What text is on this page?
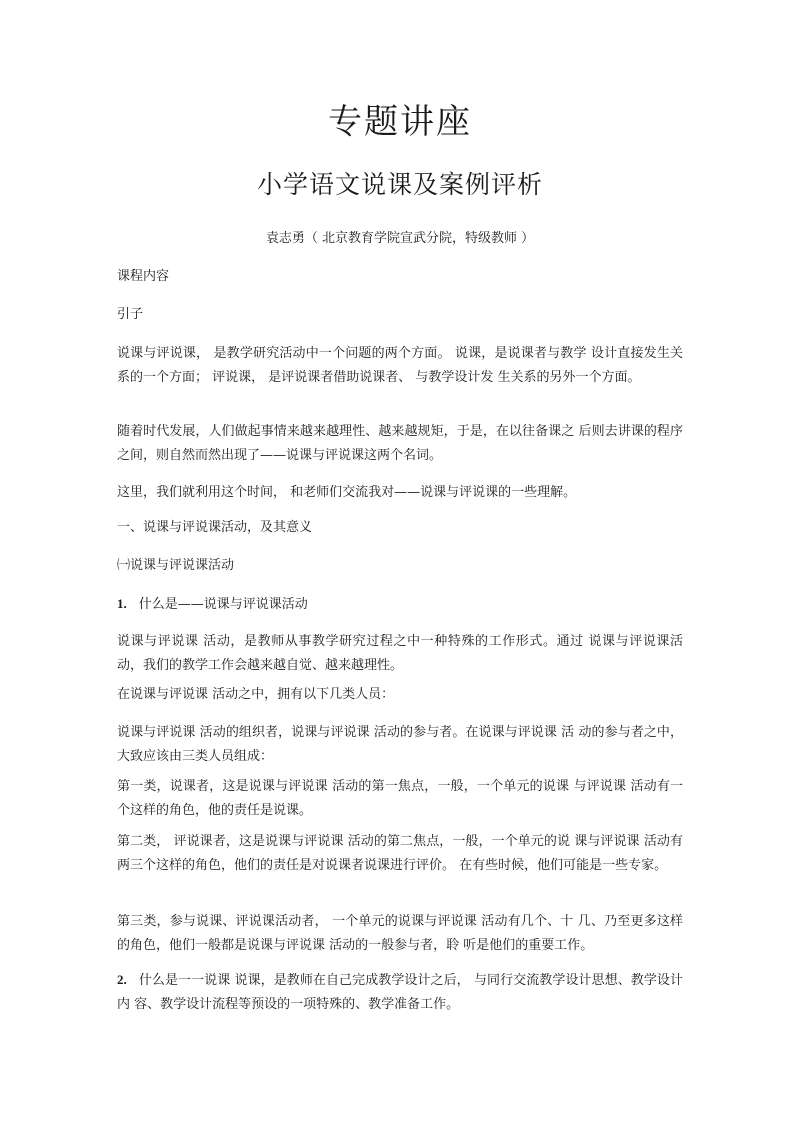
专题讲座
小学语文说课及案例评析
袁志勇（ 北京教育学院宣武分院，特级教师 ）
课程内容
引子
说课与评说课， 是教学研究活动中一个问题的两个方面。 说课，是说课者与教学 设计直接发生关系的一个方面； 评说课， 是评说课者借助说课者、 与教学设计发 生关系的另外一个方面。
随着时代发展，人们做起事情来越来越理性、越来越规矩，于是，在以往备课之 后则去讲课的程序之间，则自然而然出现了——说课与评说课这两个名词。
这里，我们就利用这个时间， 和老师们交流我对——说课与评说课的一些理解。
一、说课与评说课活动，及其意义
㈠说课与评说课活动
1. 什么是——说课与评说课活动
说课与评说课 活动，是教师从事教学研究过程之中一种特殊的工作形式。通过 说课与评说课活动，我们的教学工作会越来越自觉、越来越理性。
在说课与评说课 活动之中，拥有以下几类人员：
说课与评说课 活动的组织者，说课与评说课 活动的参与者。在说课与评说课 活 动的参与者之中，大致应该由三类人员组成：
第一类，说课者，这是说课与评说课 活动的第一焦点，一般，一个单元的说课 与评说课 活动有一个这样的角色，他的责任是说课。
第二类， 评说课者，这是说课与评说课 活动的第二焦点，一般，一个单元的说 课与评说课 活动有两三个这样的角色，他们的责任是对说课者说课进行评价。 在有些时候，他们可能是一些专家。
第三类，参与说课、评说课活动者， 一个单元的说课与评说课 活动有几个、十 几、乃至更多这样的角色，他们一般都是说课与评说课 活动的一般参与者，聆 听是他们的重要工作。
2. 什么是一一说课 说课，是教师在自己完成教学设计之后， 与同行交流教学设计思想、教学设计内 容、教学设计流程等预设的一项特殊的、教学准备工作。
